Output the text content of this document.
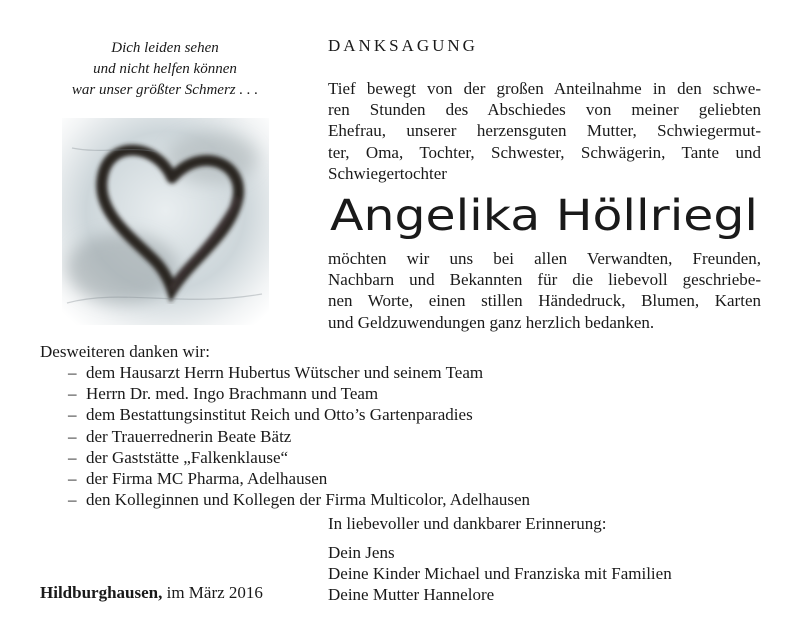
Dich leiden sehen
und nicht helfen können
war unser größter Schmerz . . .
DANKSAGUNG
Tief bewegt von der großen Anteilnahme in den schwe-
ren Stunden des Abschiedes von meiner geliebten
Ehefrau, unserer herzensguten Mutter, Schwiegermut-
ter, Oma, Tochter, Schwester, Schwägerin, Tante und
Schwiegertochter
Angelika Höllriegl
möchten wir uns bei allen Verwandten, Freunden,
Nachbarn und Bekannten für die liebevoll geschriebe-
nen Worte, einen stillen Händedruck, Blumen, Karten
und Geldzuwendungen ganz herzlich bedanken.
Desweiteren danken wir:
– dem Hausarzt Herrn Hubertus Wütscher und seinem Team
– Herrn Dr. med. Ingo Brachmann und Team
– dem Bestattungsinstitut Reich und Otto’s Gartenparadies
– der Trauerrednerin Beate Bätz
– der Gaststätte „Falkenklause“
– der Firma MC Pharma, Adelhausen
– den Kolleginnen und Kollegen der Firma Multicolor, Adelhausen
In liebevoller und dankbarer Erinnerung:
Dein Jens
Deine Kinder Michael und Franziska mit Familien
Deine Mutter Hannelore
Hildburghausen, im März 2016
